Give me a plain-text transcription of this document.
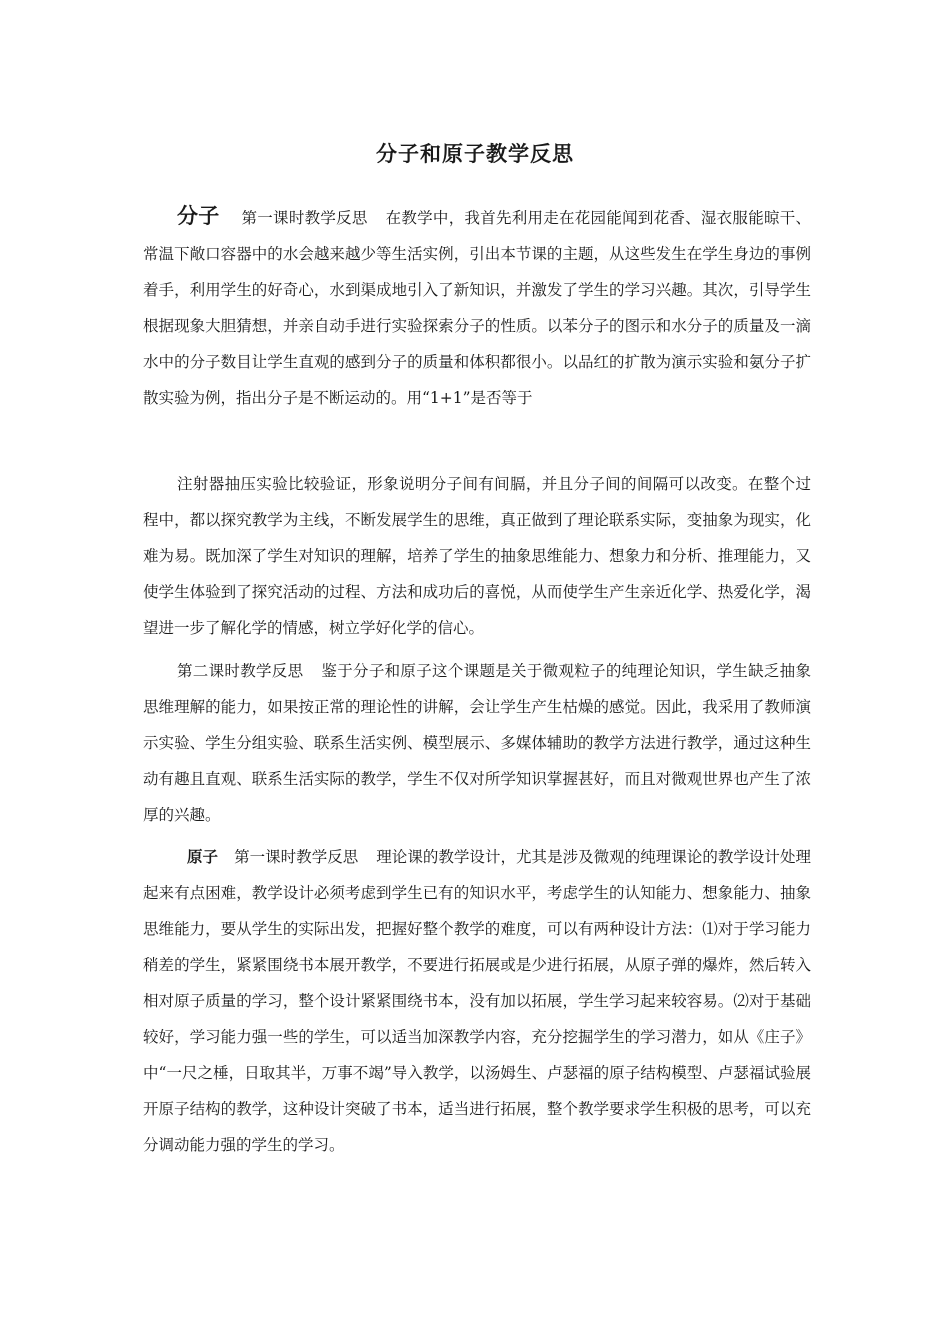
分子和原子教学反思

分子 第一课时教学反思 在教学中，我首先利用走在花园能闻到花香、湿衣服能晾干、常温下敞口容器中的水会越来越少等生活实例，引出本节课的主题，从这些发生在学生身边的事例着手，利用学生的好奇心，水到渠成地引入了新知识，并激发了学生的学习兴趣。其次，引导学生根据现象大胆猜想，并亲自动手进行实验探索分子的性质。以苯分子的图示和水分子的质量及一滴水中的分子数目让学生直观的感到分子的质量和体积都很小。以品红的扩散为演示实验和氨分子扩散实验为例，指出分子是不断运动的。用“1+1”是否等于

注射器抽压实验比较验证，形象说明分子间有间膈，并且分子间的间隔可以改变。在整个过程中，都以探究教学为主线，不断发展学生的思维，真正做到了理论联系实际，变抽象为现实，化难为易。既加深了学生对知识的理解，培养了学生的抽象思维能力、想象力和分析、推理能力，又使学生体验到了探究活动的过程、方法和成功后的喜悦，从而使学生产生亲近化学、热爱化学，渴望进一步了解化学的情感，树立学好化学的信心。

第二课时教学反思 鉴于分子和原子这个课题是关于微观粒子的纯理论知识，学生缺乏抽象思维理解的能力，如果按正常的理论性的讲解，会让学生产生枯燥的感觉。因此，我采用了教师演示实验、学生分组实验、联系生活实例、模型展示、多媒体辅助的教学方法进行教学，通过这种生动有趣且直观、联系生活实际的教学，学生不仅对所学知识掌握甚好，而且对微观世界也产生了浓厚的兴趣。

原子 第一课时教学反思 理论课的教学设计，尤其是涉及微观的纯理课论的教学设计处理起来有点困难，教学设计必须考虑到学生已有的知识水平，考虑学生的认知能力、想象能力、抽象思维能力，要从学生的实际出发，把握好整个教学的难度，可以有两种设计方法：⑴对于学习能力稍差的学生，紧紧围绕书本展开教学，不要进行拓展或是少进行拓展，从原子弹的爆炸，然后转入相对原子质量的学习，整个设计紧紧围绕书本，没有加以拓展，学生学习起来较容易。⑵对于基础较好，学习能力强一些的学生，可以适当加深教学内容，充分挖掘学生的学习潜力，如从《庄子》中“一尺之棰，日取其半，万事不竭”导入教学，以汤姆生、卢瑟福的原子结构模型、卢瑟福试验展开原子结构的教学，这种设计突破了书本，适当进行拓展，整个教学要求学生积极的思考，可以充分调动能力强的学生的学习。
